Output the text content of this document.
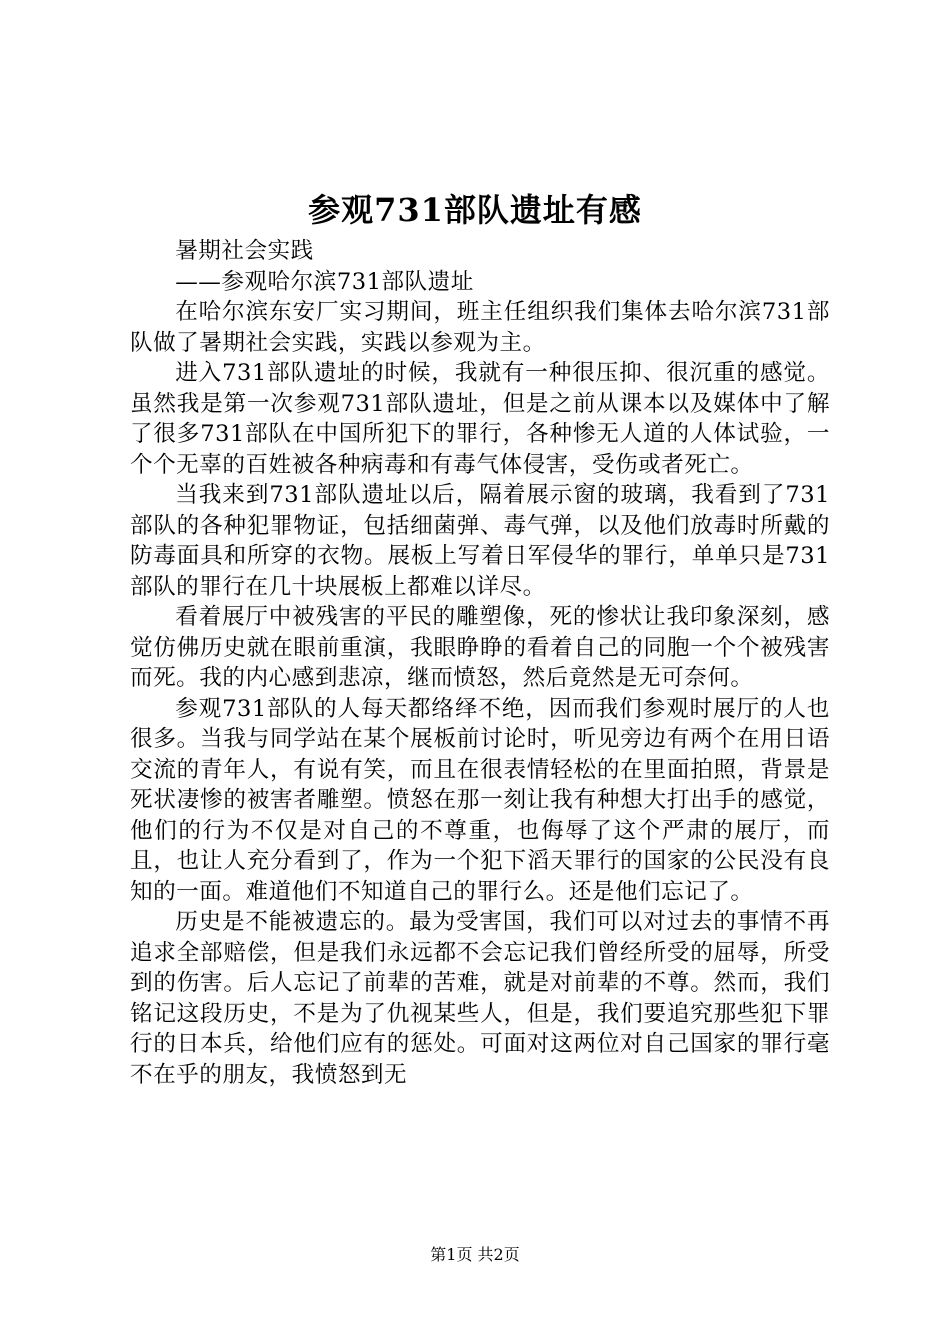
参观731部队遗址有感

暑期社会实践

——参观哈尔滨731部队遗址

在哈尔滨东安厂实习期间，班主任组织我们集体去哈尔滨731部队做了暑期社会实践，实践以参观为主。

进入731部队遗址的时候，我就有一种很压抑、很沉重的感觉。虽然我是第一次参观731部队遗址，但是之前从课本以及媒体中了解了很多731部队在中国所犯下的罪行，各种惨无人道的人体试验，一个个无辜的百姓被各种病毒和有毒气体侵害，受伤或者死亡。

当我来到731部队遗址以后，隔着展示窗的玻璃，我看到了731部队的各种犯罪物证，包括细菌弹、毒气弹，以及他们放毒时所戴的防毒面具和所穿的衣物。展板上写着日军侵华的罪行，单单只是731部队的罪行在几十块展板上都难以详尽。

看着展厅中被残害的平民的雕塑像，死的惨状让我印象深刻，感觉仿佛历史就在眼前重演，我眼睁睁的看着自己的同胞一个个被残害而死。我的内心感到悲凉，继而愤怒，然后竟然是无可奈何。

参观731部队的人每天都络绎不绝，因而我们参观时展厅的人也很多。当我与同学站在某个展板前讨论时，听见旁边有两个在用日语交流的青年人，有说有笑，而且在很表情轻松的在里面拍照，背景是死状凄惨的被害者雕塑。愤怒在那一刻让我有种想大打出手的感觉，他们的行为不仅是对自己的不尊重，也侮辱了这个严肃的展厅，而且，也让人充分看到了，作为一个犯下滔天罪行的国家的公民没有良知的一面。难道他们不知道自己的罪行么。还是他们忘记了。

历史是不能被遗忘的。最为受害国，我们可以对过去的事情不再追求全部赔偿，但是我们永远都不会忘记我们曾经所受的屈辱，所受到的伤害。后人忘记了前辈的苦难，就是对前辈的不尊。然而，我们铭记这段历史，不是为了仇视某些人，但是，我们要追究那些犯下罪行的日本兵，给他们应有的惩处。可面对这两位对自己国家的罪行毫不在乎的朋友，我愤怒到无

第1页 共2页
